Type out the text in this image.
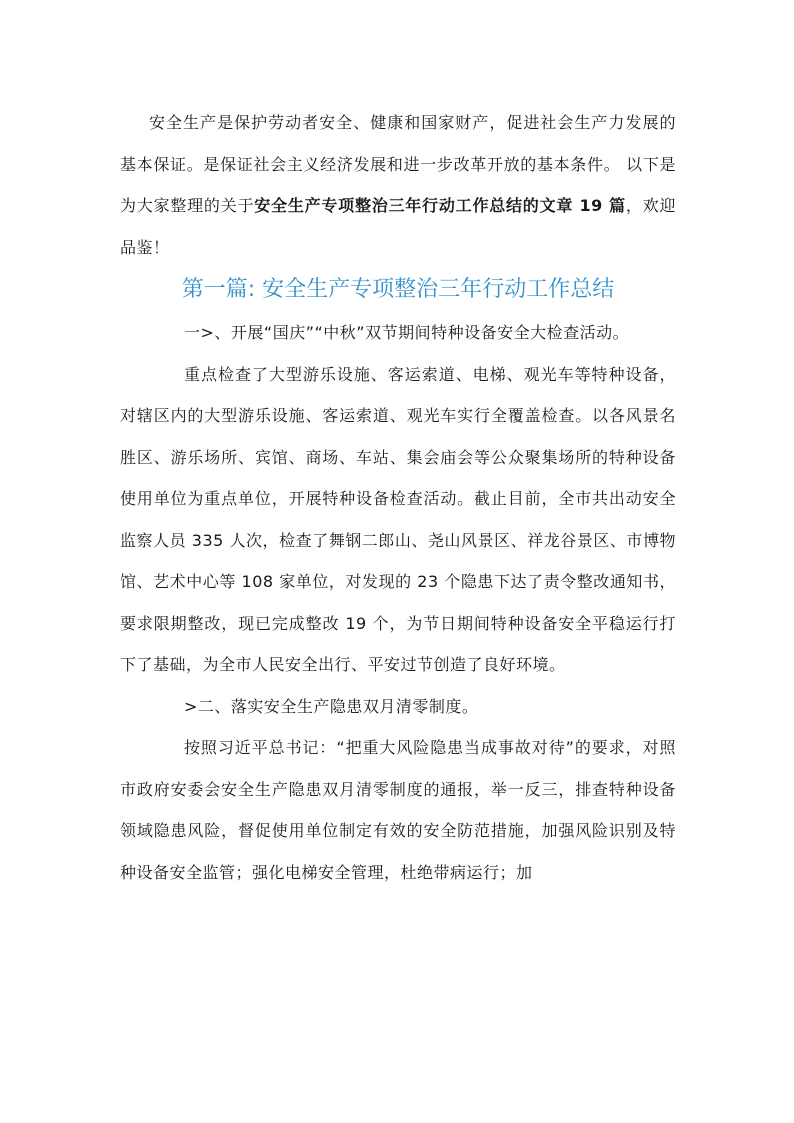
安全生产是保护劳动者安全、健康和国家财产，促进社会生产力发展的基本保证。是保证社会主义经济发展和进一步改革开放的基本条件。 以下是为大家整理的关于安全生产专项整治三年行动工作总结的文章 19 篇，欢迎品鉴！

第一篇: 安全生产专项整治三年行动工作总结

一>、开展“国庆”“中秋”双节期间特种设备安全大检查活动。

重点检查了大型游乐设施、客运索道、电梯、观光车等特种设备，对辖区内的大型游乐设施、客运索道、观光车实行全覆盖检查。以各风景名胜区、游乐场所、宾馆、商场、车站、集会庙会等公众聚集场所的特种设备使用单位为重点单位，开展特种设备检查活动。截止目前，全市共出动安全监察人员 335 人次，检查了舞钢二郎山、尧山风景区、祥龙谷景区、市博物馆、艺术中心等 108 家单位，对发现的 23 个隐患下达了责令整改通知书，要求限期整改，现已完成整改 19 个，为节日期间特种设备安全平稳运行打下了基础，为全市人民安全出行、平安过节创造了良好环境。

>二、落实安全生产隐患双月清零制度。

按照习近平总书记：“把重大风险隐患当成事故对待”的要求，对照市政府安委会安全生产隐患双月清零制度的通报，举一反三，排查特种设备领域隐患风险，督促使用单位制定有效的安全防范措施，加强风险识别及特种设备安全监管；强化电梯安全管理，杜绝带病运行；加
